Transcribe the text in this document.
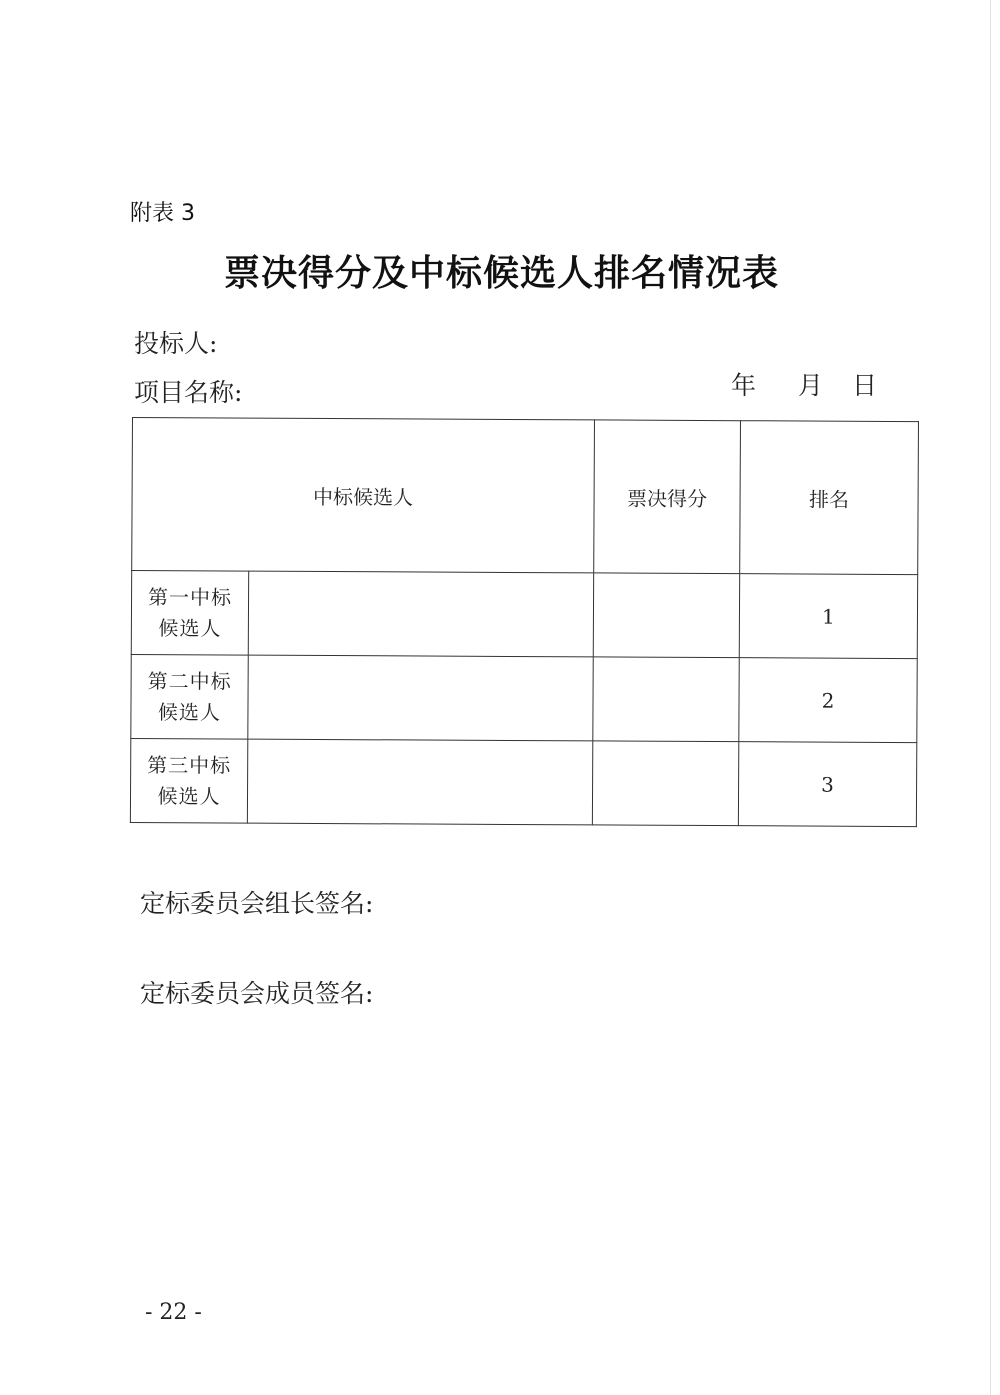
附表 3
票决得分及中标候选人排名情况表
投标人:
项目名称:	年 月 日
中标候选人		票决得分	排名
第一中标候选人			1
第二中标候选人			2
第三中标候选人			3
定标委员会组长签名:
定标委员会成员签名:
- 22 -
